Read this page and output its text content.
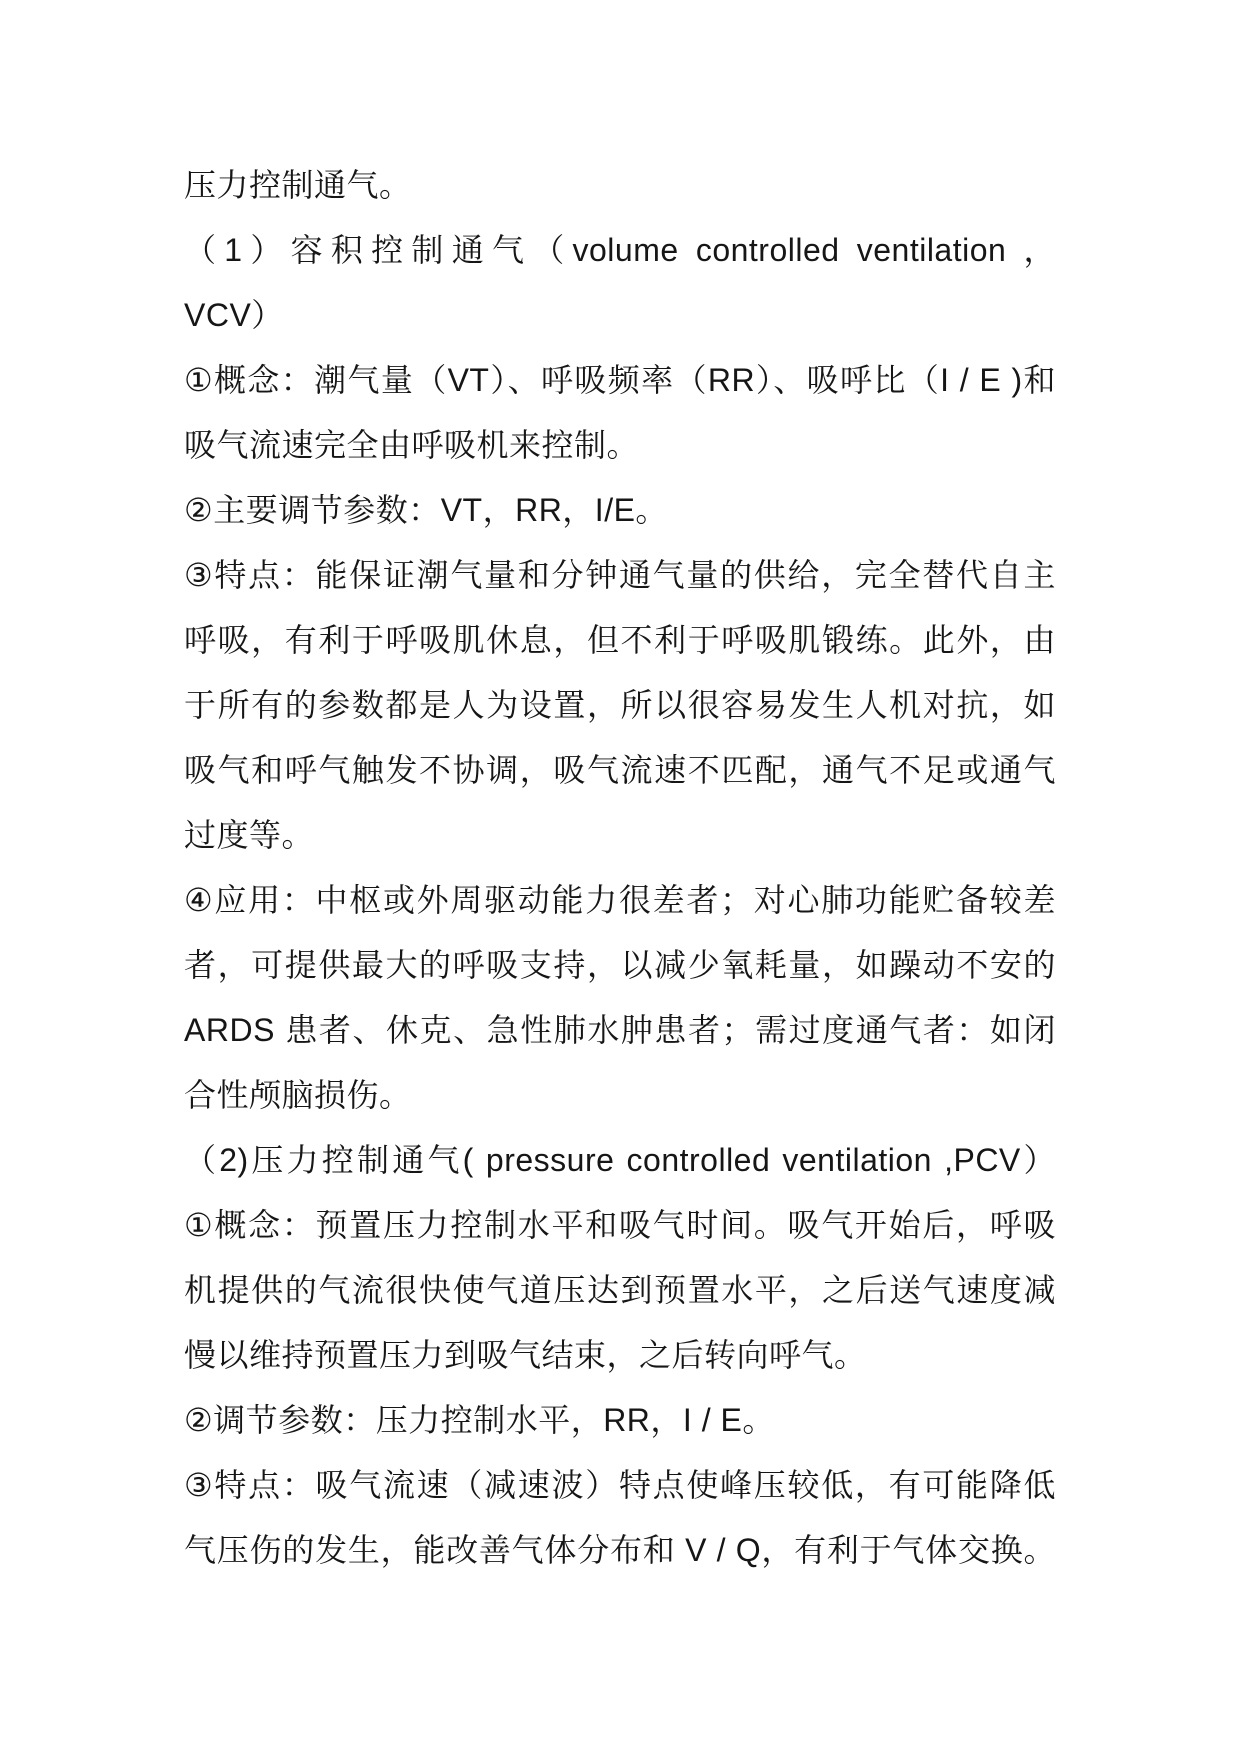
压力控制通气。
（1）容积控制通气（volume controlled ventilation ，
VCV）
①概念：潮气量（VT）、呼吸频率（RR）、吸呼比（I / E )和
吸气流速完全由呼吸机来控制。
②主要调节参数：VT，RR，I/E。
③特点：能保证潮气量和分钟通气量的供给，完全替代自主
呼吸，有利于呼吸肌休息，但不利于呼吸肌锻练。此外，由
于所有的参数都是人为设置，所以很容易发生人机对抗，如
吸气和呼气触发不协调，吸气流速不匹配，通气不足或通气
过度等。
④应用：中枢或外周驱动能力很差者；对心肺功能贮备较差
者，可提供最大的呼吸支持，以减少氧耗量，如躁动不安的
ARDS 患者、休克、急性肺水肿患者；需过度通气者：如闭
合性颅脑损伤。
（2)压力控制通气( pressure controlled ventilation ,PCV）
①概念：预置压力控制水平和吸气时间。吸气开始后，呼吸
机提供的气流很快使气道压达到预置水平，之后送气速度减
慢以维持预置压力到吸气结束，之后转向呼气。
②调节参数：压力控制水平，RR，I / E。
③特点：吸气流速（减速波）特点使峰压较低，有可能降低
气压伤的发生，能改善气体分布和 V / Q，有利于气体交换。
